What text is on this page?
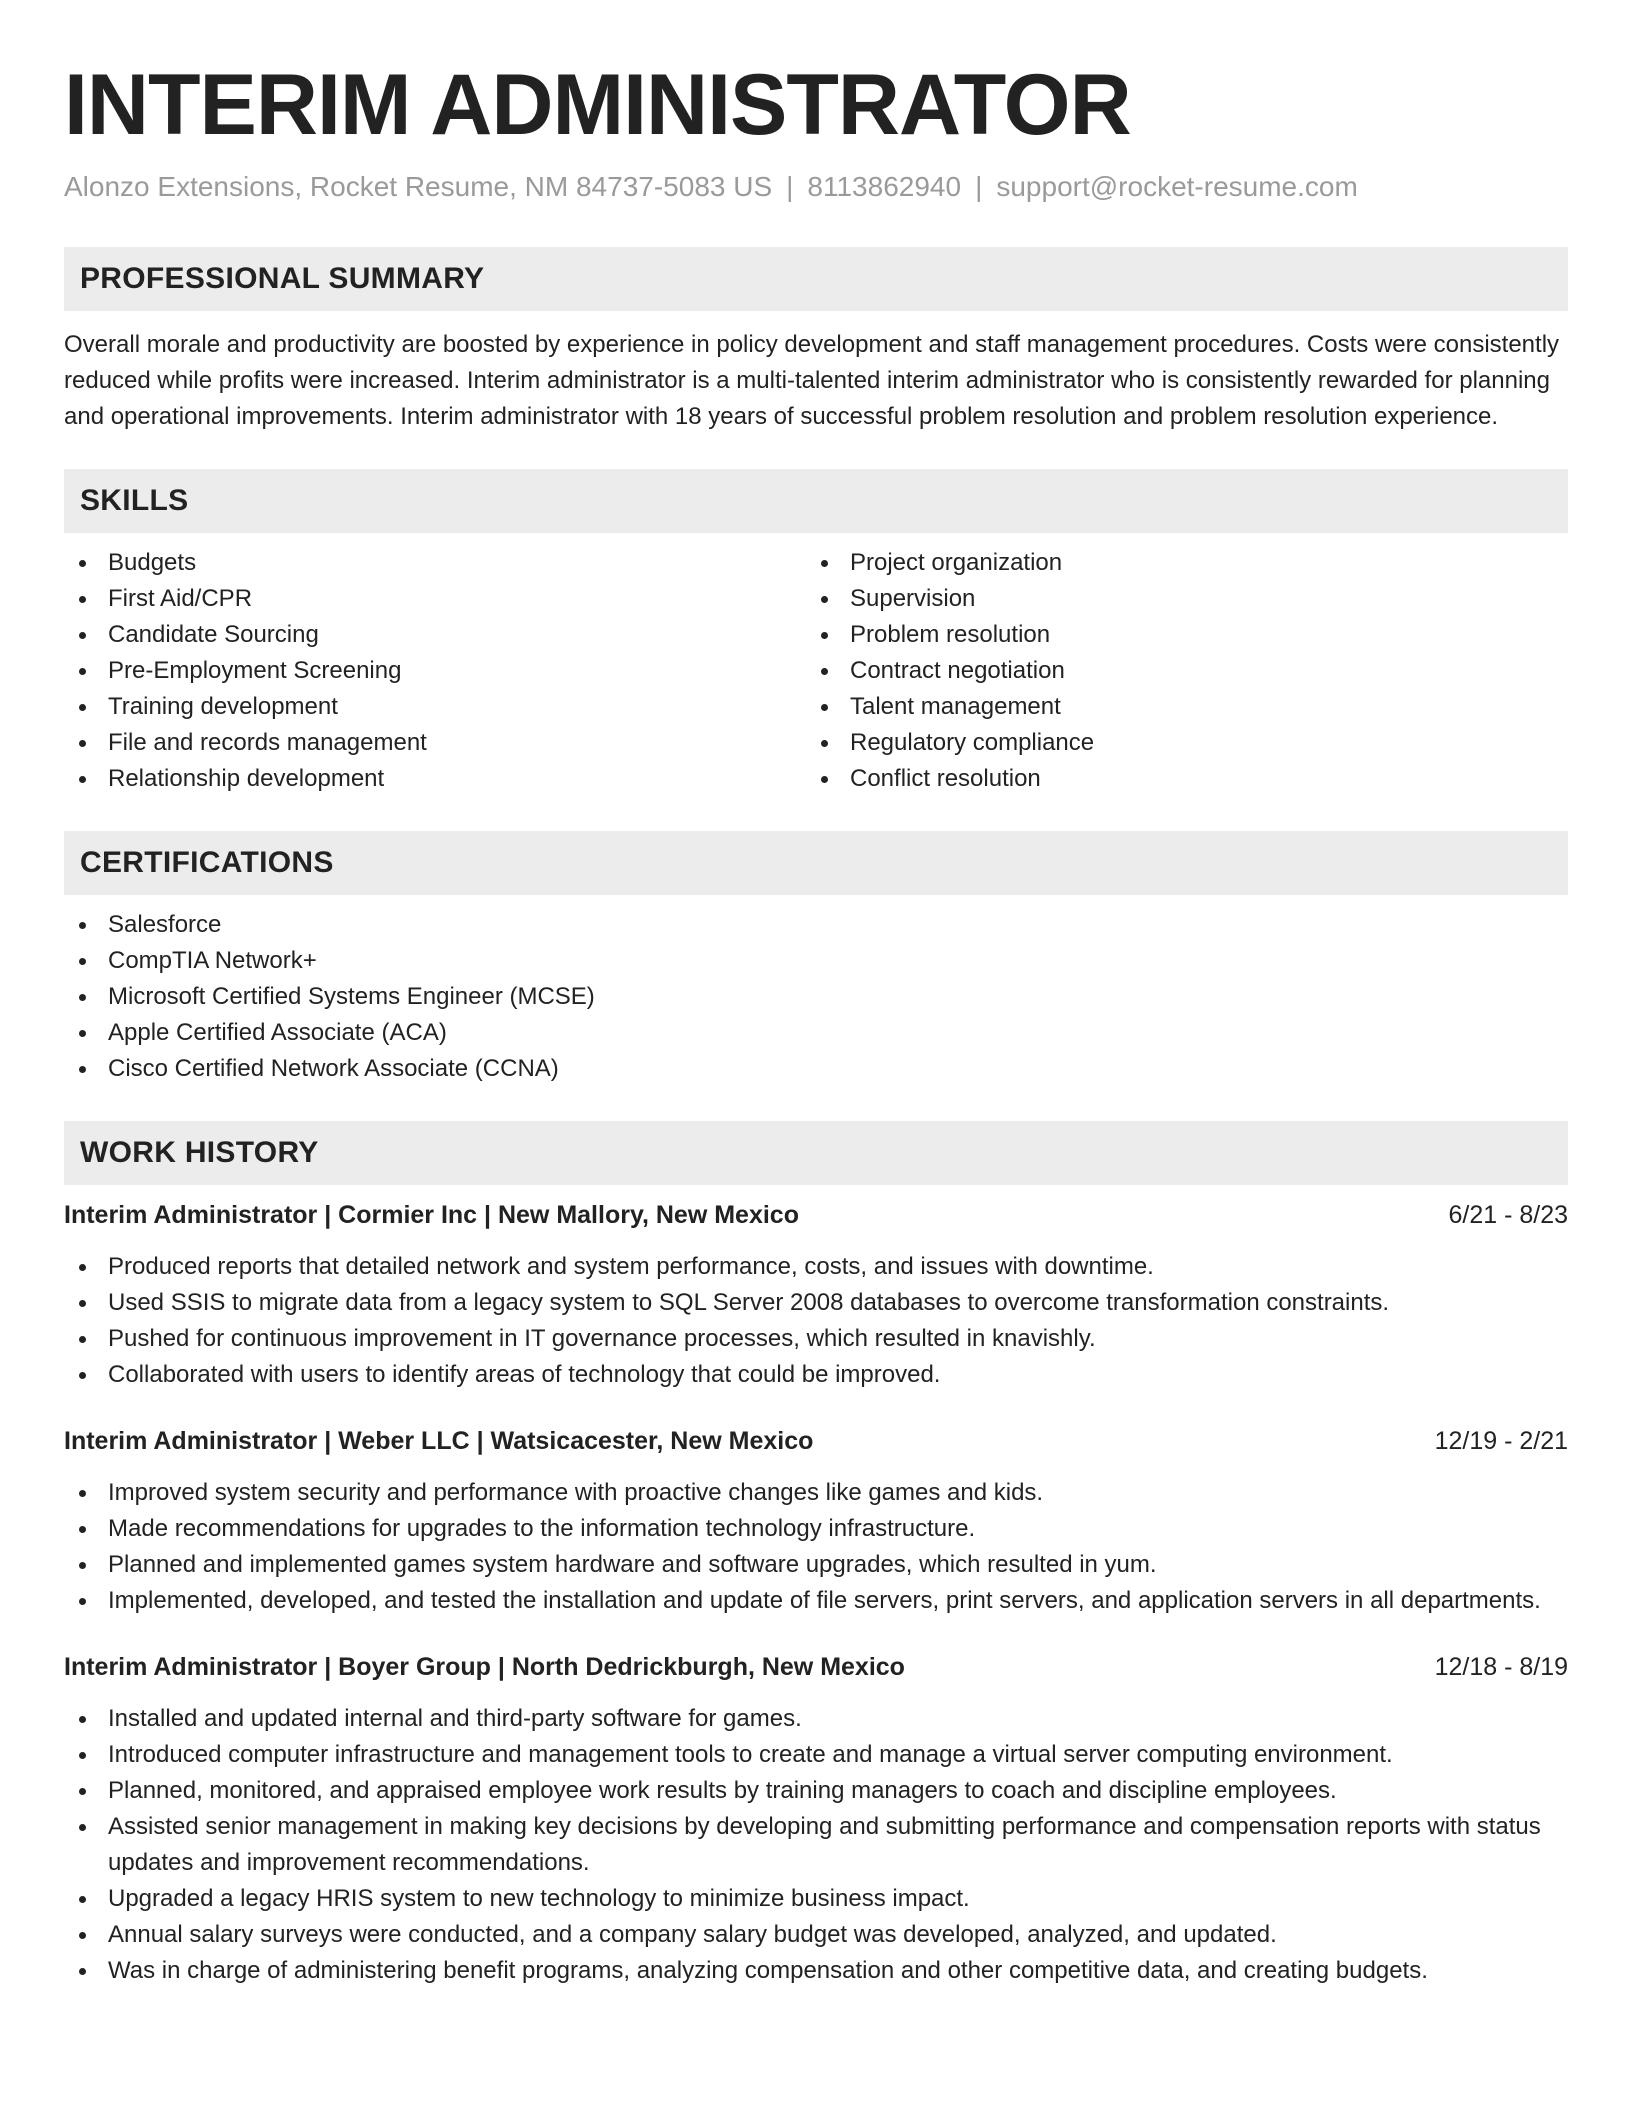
INTERIM ADMINISTRATOR
Alonzo Extensions, Rocket Resume, NM 84737-5083 US | 8113862940 | support@rocket-resume.com
PROFESSIONAL SUMMARY

Overall morale and productivity are boosted by experience in policy development and staff management procedures. Costs were consistently reduced while profits were increased. Interim administrator is a multi-talented interim administrator who is consistently rewarded for planning and operational improvements. Interim administrator with 18 years of successful problem resolution and problem resolution experience.

SKILLS
Budgets
First Aid/CPR
Candidate Sourcing
Pre-Employment Screening
Training development
File and records management
Relationship development
Project organization
Supervision
Problem resolution
Contract negotiation
Talent management
Regulatory compliance
Conflict resolution
CERTIFICATIONS
Salesforce
CompTIA Network+
Microsoft Certified Systems Engineer (MCSE)
Apple Certified Associate (ACA)
Cisco Certified Network Associate (CCNA)
WORK HISTORY
Interim Administrator | Cormier Inc | New Mallory, New Mexico	6/21 - 8/23
Produced reports that detailed network and system performance, costs, and issues with downtime.
Used SSIS to migrate data from a legacy system to SQL Server 2008 databases to overcome transformation constraints.
Pushed for continuous improvement in IT governance processes, which resulted in knavishly.
Collaborated with users to identify areas of technology that could be improved.
Interim Administrator | Weber LLC | Watsicacester, New Mexico	12/19 - 2/21
Improved system security and performance with proactive changes like games and kids.
Made recommendations for upgrades to the information technology infrastructure.
Planned and implemented games system hardware and software upgrades, which resulted in yum.
Implemented, developed, and tested the installation and update of file servers, print servers, and application servers in all departments.
Interim Administrator | Boyer Group | North Dedrickburgh, New Mexico	12/18 - 8/19
Installed and updated internal and third-party software for games.
Introduced computer infrastructure and management tools to create and manage a virtual server computing environment.
Planned, monitored, and appraised employee work results by training managers to coach and discipline employees.
Assisted senior management in making key decisions by developing and submitting performance and compensation reports with status updates and improvement recommendations.
Upgraded a legacy HRIS system to new technology to minimize business impact.
Annual salary surveys were conducted, and a company salary budget was developed, analyzed, and updated.
Was in charge of administering benefit programs, analyzing compensation and other competitive data, and creating budgets.
